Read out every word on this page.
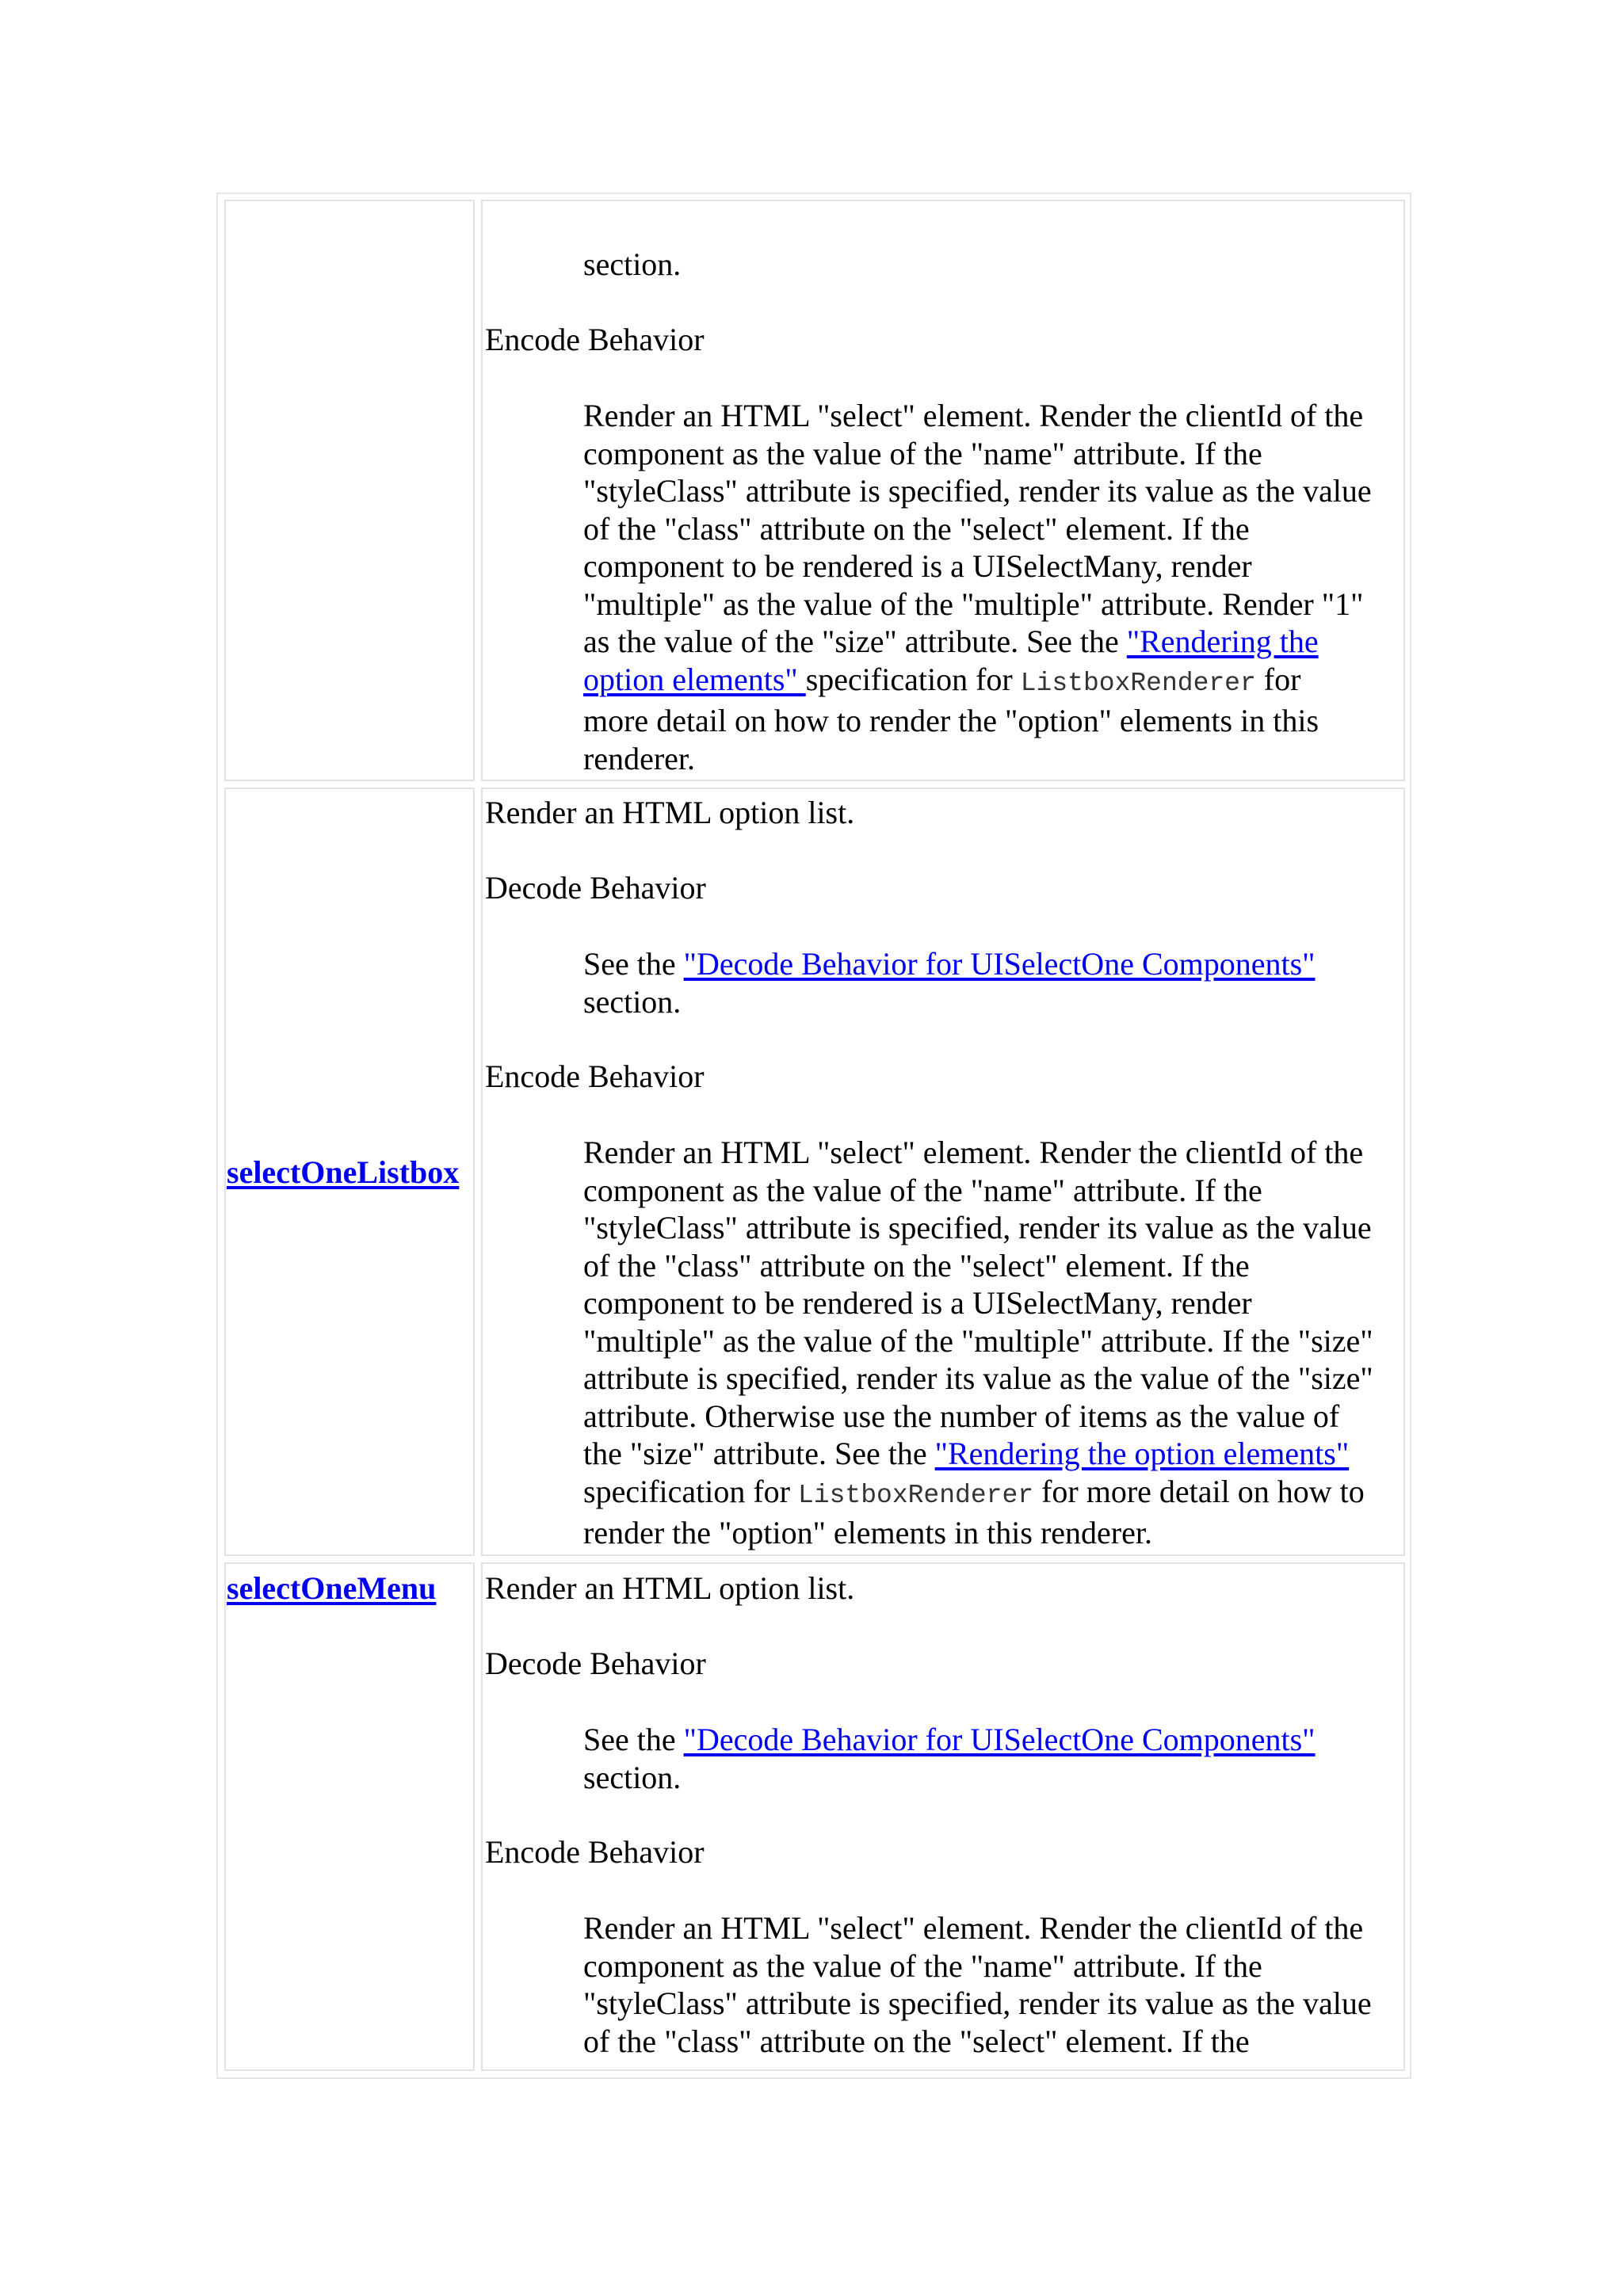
section.

Encode Behavior

Render an HTML "select" element. Render the clientId of the
component as the value of the "name" attribute. If the
"styleClass" attribute is specified, render its value as the value
of the "class" attribute on the "select" element. If the
component to be rendered is a UISelectMany, render
"multiple" as the value of the "multiple" attribute. Render "1"
as the value of the "size" attribute. See the "Rendering the
option elements" specification for ListboxRenderer for
more detail on how to render the "option" elements in this
renderer.

selectOneListbox

Render an HTML option list.

Decode Behavior

See the "Decode Behavior for UISelectOne Components"
section.

Encode Behavior

Render an HTML "select" element. Render the clientId of the
component as the value of the "name" attribute. If the
"styleClass" attribute is specified, render its value as the value
of the "class" attribute on the "select" element. If the
component to be rendered is a UISelectMany, render
"multiple" as the value of the "multiple" attribute. If the "size"
attribute is specified, render its value as the value of the "size"
attribute. Otherwise use the number of items as the value of
the "size" attribute. See the "Rendering the option elements"
specification for ListboxRenderer for more detail on how to
render the "option" elements in this renderer.

selectOneMenu Render an HTML option list.

Decode Behavior

See the "Decode Behavior for UISelectOne Components"
section.

Encode Behavior

Render an HTML "select" element. Render the clientId of the
component as the value of the "name" attribute. If the
"styleClass" attribute is specified, render its value as the value
of the "class" attribute on the "select" element. If the
